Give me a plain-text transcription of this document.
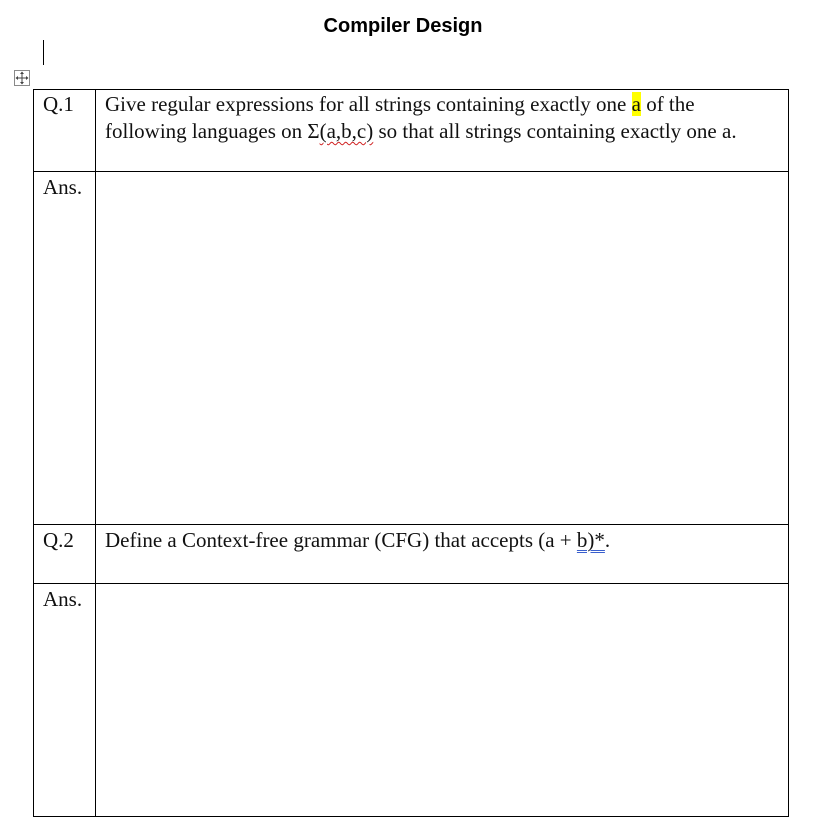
Compiler Design
Q.1	Give regular expressions for all strings containing exactly one a of the following languages on Σ(a,b,c) so that all strings containing exactly one a.
Ans.	

Q.2	Define a Context-free grammar (CFG) that accepts (a + b)*.

Ans.	
